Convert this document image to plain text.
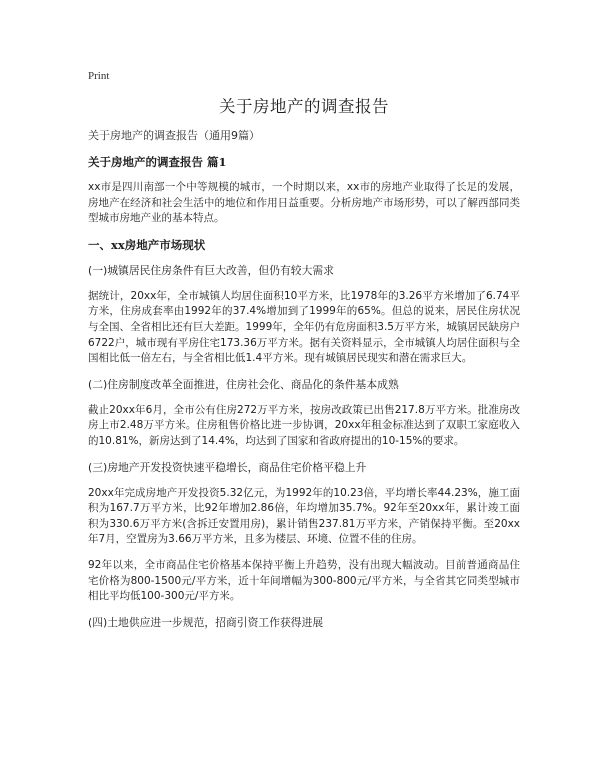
Print
关于房地产的调查报告
关于房地产的调查报告（通用9篇）
关于房地产的调查报告 篇1

xx市是四川南部一个中等规模的城市，一个时期以来，xx市的房地产业取得了长足的发展，房地产在经济和社会生活中的地位和作用日益重要。分析房地产市场形势，可以了解西部同类型城市房地产业的基本特点。

一、xx房地产市场现状
(一)城镇居民住房条件有巨大改善，但仍有较大需求

据统计，20xx年，全市城镇人均居住面积10平方米，比1978年的3.26平方米增加了6.74平方米，住房成套率由1992年的37.4%增加到了1999年的65%。但总的说来，居民住房状况与全国、全省相比还有巨大差距。1999年，全年仍有危房面积3.5万平方米，城镇居民缺房户6722户，城市现有平房住宅173.36万平方米。据有关资料显示，全市城镇人均居住面积与全国相比低一倍左右，与全省相比低1.4平方米。现有城镇居民现实和潜在需求巨大。

(二)住房制度改革全面推进，住房社会化、商品化的条件基本成熟

截止20xx年6月，全市公有住房272万平方米，按房改政策已出售217.8万平方米。批准房改房上市2.48万平方米。住房租售价格比进一步协调，20xx年租金标准达到了双职工家庭收入的10.81%，新房达到了14.4%，均达到了国家和省政府提出的10-15%的要求。

(三)房地产开发投资快速平稳增长，商品住宅价格平稳上升

20xx年完成房地产开发投资5.32亿元，为1992年的10.23倍，平均增长率44.23%，施工面积为167.7万平方米，比92年增加2.86倍，年均增加35.7%。92年至20xx年，累计竣工面积为330.6万平方米(含拆迁安置用房)，累计销售237.81万平方米，产销保持平衡。至20xx年7月，空置房为3.66万平方米，且多为楼层、环境、位置不佳的住房。

92年以来，全市商品住宅价格基本保持平衡上升趋势，没有出现大幅波动。目前普通商品住宅价格为800-1500元/平方米，近十年间增幅为300-800元/平方米，与全省其它同类型城市相比平均低100-300元/平方米。

(四)土地供应进一步规范，招商引资工作获得进展
